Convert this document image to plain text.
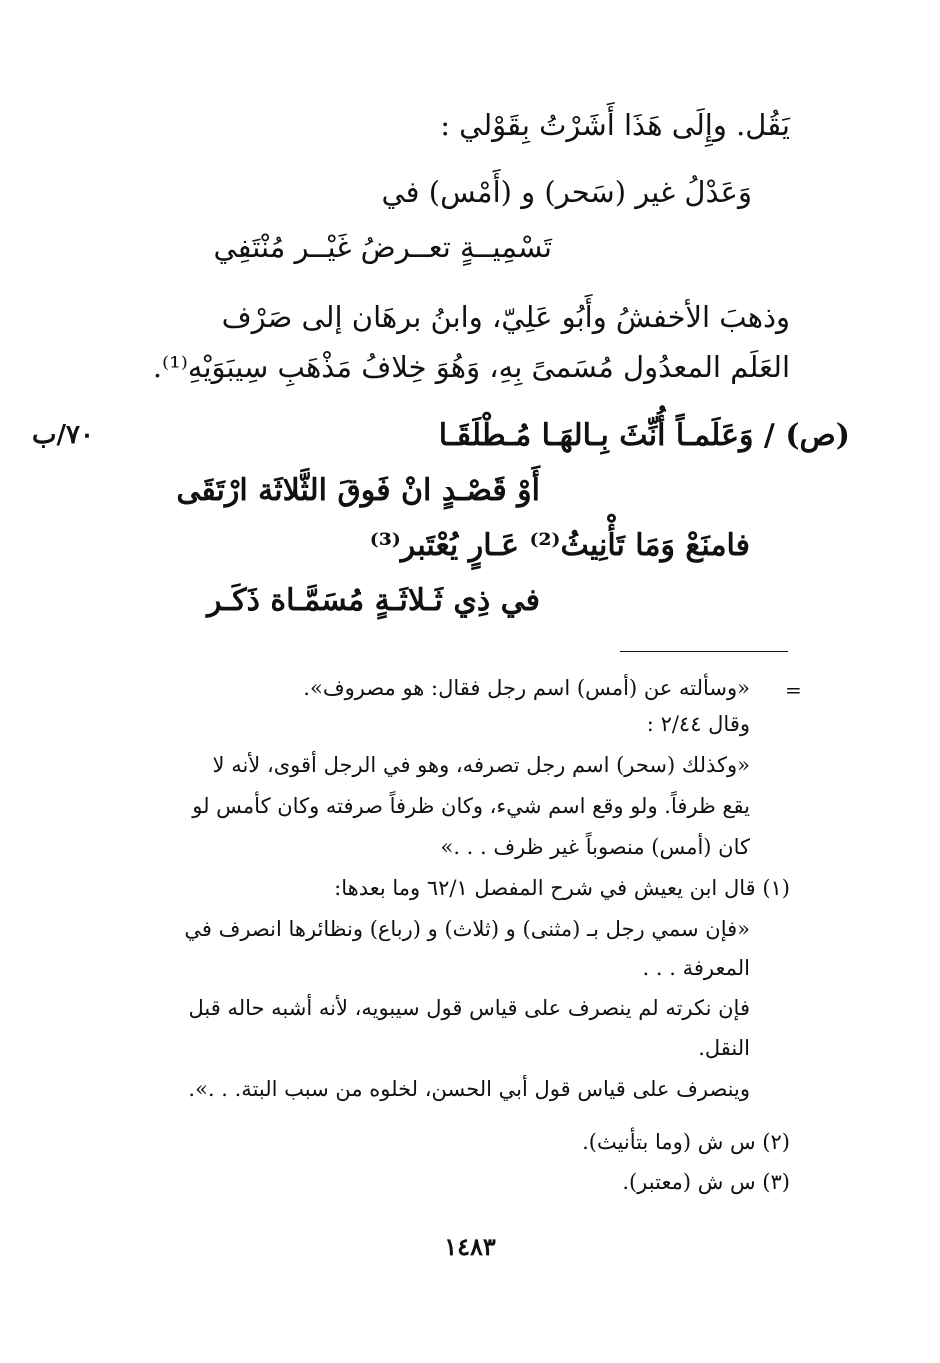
يَقُل. وإِلَى هَذَا أَشَرْتُ بِقَوْلي :
وَعَدْلُ غير (سَحر) و (أَمْس) في
تَسْمِيــةٍ تعــرضُ غَيْــر مُنْتَفِي
وذهبَ الأخفشُ وأَبُو عَلِيّ، وابنُ برهَان إلى صَرْف
العَلَم المعدُول مُسَمىً بِهِ، وَهُوَ خِلافُ مَذْهَبِ سِيبَوَيْهِ⁽¹⁾.
٧٠/ب	(ص) / وَعَلَمـاً أُنِّثَ بِـالهَـا مُـطْلَقَـا
أَوْ قَصْـدٍ انْ فَوقَ الثَّلاثَة ارْتَقَى
فامنَعْ وَمَا تَأْنِيثُ⁽²⁾ عَـارٍ يُعْتَبر⁽³⁾
في ذِي ثَـلاثَـةٍ مُسَمَّـاة ذَكَـر
=
«وسألته عن (أمس) اسم رجل فقال: هو مصروف».
وقال ٢/٤٤ :
«وكذلك (سحر) اسم رجل تصرفه، وهو في الرجل أقوى، لأنه لا
يقع ظرفاً. ولو وقع اسم شيء، وكان ظرفاً صرفته وكان كأمس لو
كان (أمس) منصوباً غير ظرف . . .»
(١) قال ابن يعيش في شرح المفصل ٦٢/١ وما بعدها:
«فإن سمي رجل بـ (مثنى) و (ثلاث) و (رباع) ونظائرها انصرف في
المعرفة . . .
فإن نكرته لم ينصرف على قياس قول سيبويه، لأنه أشبه حاله قبل
النقل.
وينصرف على قياس قول أبي الحسن، لخلوه من سبب البتة. . .».
(٢) س ش (وما بتأنيث).
(٣) س ش (معتبر).
١٤٨٣
